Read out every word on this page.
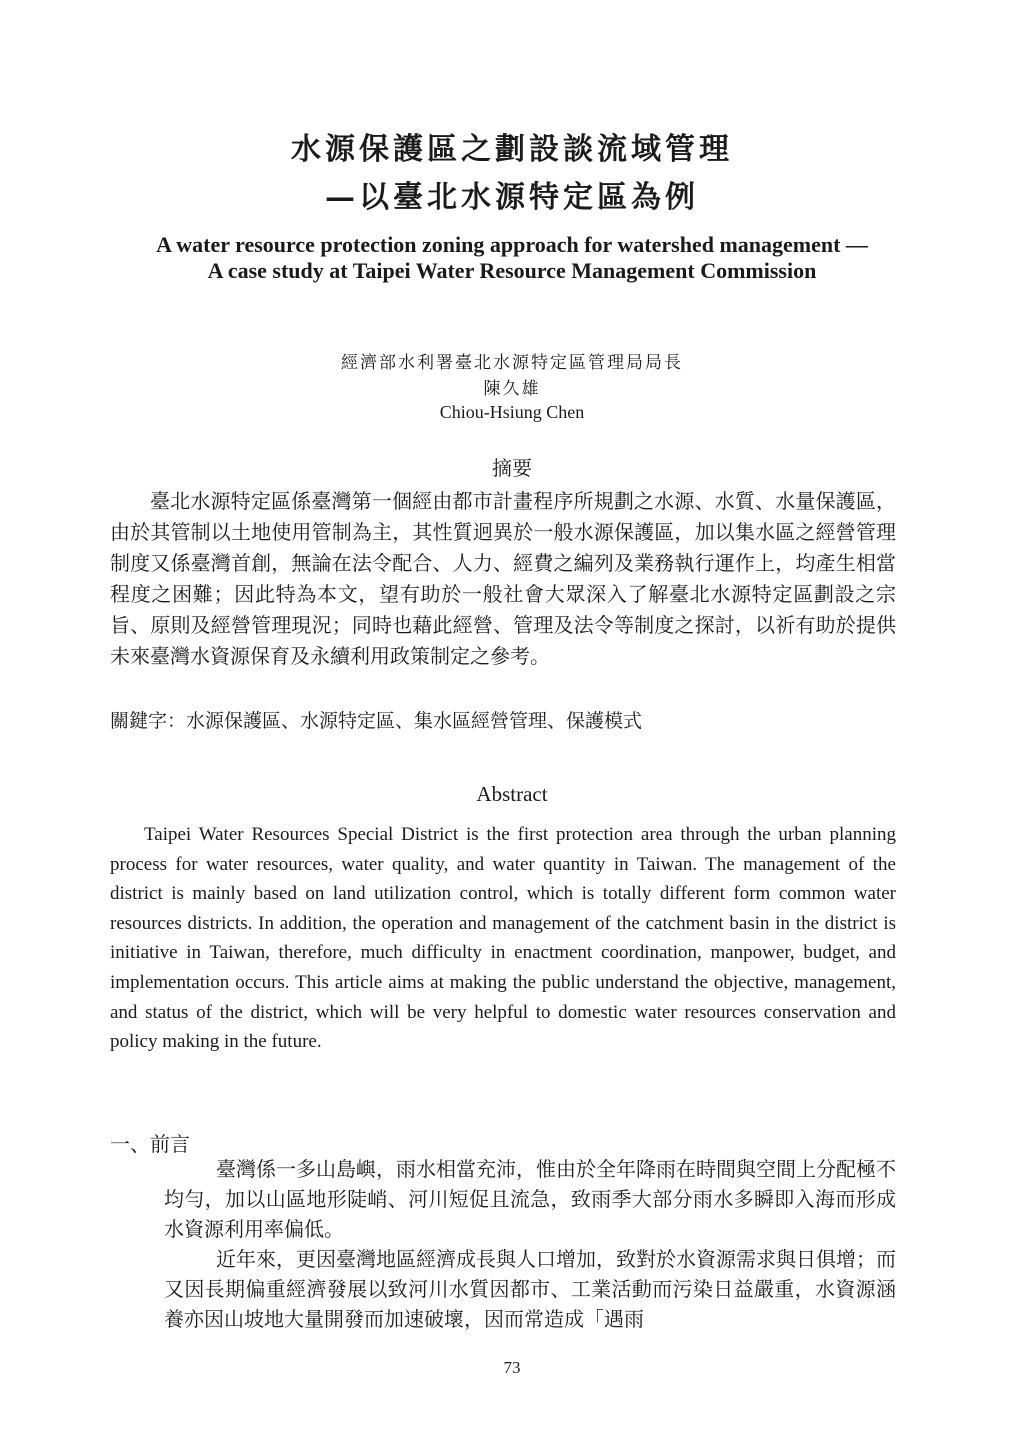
水源保護區之劃設談流域管理
—以臺北水源特定區為例
A water resource protection zoning approach for watershed management — A case study at Taipei Water Resource Management Commission
經濟部水利署臺北水源特定區管理局局長
陳久雄
Chiou-Hsiung Chen
摘要

臺北水源特定區係臺灣第一個經由都市計畫程序所規劃之水源、水質、水量保護區，由於其管制以土地使用管制為主，其性質迥異於一般水源保護區，加以集水區之經營管理制度又係臺灣首創，無論在法令配合、人力、經費之編列及業務執行運作上，均產生相當程度之困難；因此特為本文，望有助於一般社會大眾深入了解臺北水源特定區劃設之宗旨、原則及經營管理現況；同時也藉此經營、管理及法令等制度之探討，以祈有助於提供未來臺灣水資源保育及永續利用政策制定之參考。

關鍵字：水源保護區、水源特定區、集水區經營管理、保護模式
Abstract

Taipei Water Resources Special District is the first protection area through the urban planning process for water resources, water quality, and water quantity in Taiwan. The management of the district is mainly based on land utilization control, which is totally different form common water resources districts. In addition, the operation and management of the catchment basin in the district is initiative in Taiwan, therefore, much difficulty in enactment coordination, manpower, budget, and implementation occurs. This article aims at making the public understand the objective, management, and status of the district, which will be very helpful to domestic water resources conservation and policy making in the future.

一、前言

臺灣係一多山島嶼，雨水相當充沛，惟由於全年降雨在時間與空間上分配極不均勻，加以山區地形陡峭、河川短促且流急，致雨季大部分雨水多瞬即入海而形成水資源利用率偏低。

近年來，更因臺灣地區經濟成長與人口增加，致對於水資源需求與日俱增；而又因長期偏重經濟發展以致河川水質因都市、工業活動而污染日益嚴重，水資源涵養亦因山坡地大量開發而加速破壞，因而常造成「遇雨

73
